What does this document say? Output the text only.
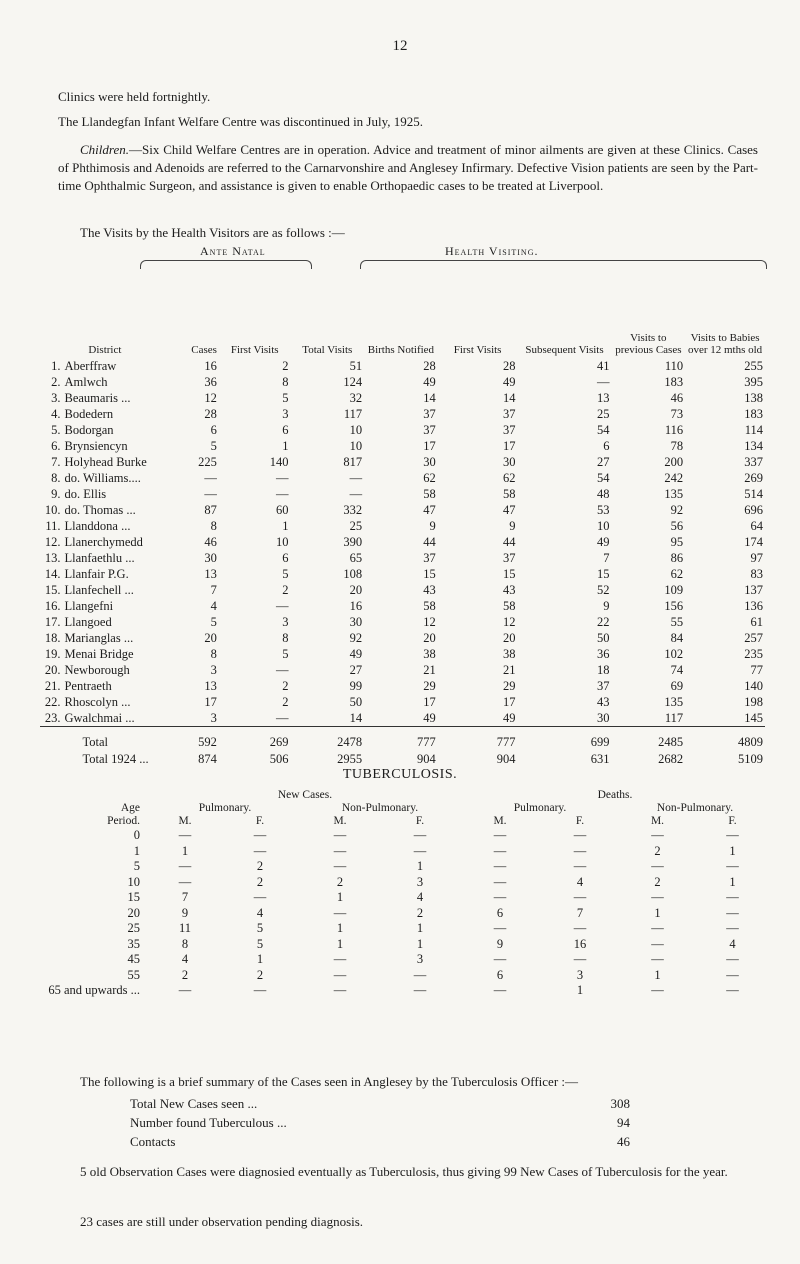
12
Clinics were held fortnightly.
The Llandegfan Infant Welfare Centre was discontinued in July, 1925.
Children.—Six Child Welfare Centres are in operation. Advice and treatment of minor ailments are given at these Clinics. Cases of Phthimosis and Adenoids are referred to the Carnarvonshire and Anglesey Infirmary. Defective Vision patients are seen by the Part-time Ophthalmic Surgeon, and assistance is given to enable Orthopaedic cases to be treated at Liverpool.
The Visits by the Health Visitors are as follows :—
Ante Natal	Health Visiting.
District		Cases	First Visits	Total Visits	Births Notified	First Visits	Subsequent Visits	Visits to previous Cases	Visits to Babies over 12 mths old
1.	Aberffraw	16	2	51	28	28	41	110	255
2.	Amlwch	36	8	124	49	49	—	183	395
3.	Beaumaris ...	12	5	32	14	14	13	46	138
4.	Bodedern	28	3	117	37	37	25	73	183
5.	Bodorgan	6	6	10	37	37	54	116	114
6.	Brynsiencyn	5	1	10	17	17	6	78	134
7.	Holyhead Burke	225	140	817	30	30	27	200	337
8.	do. Williams....	—	—	—	62	62	54	242	269
9.	do. Ellis	—	—	—	58	58	48	135	514
10.	do. Thomas ...	87	60	332	47	47	53	92	696
11.	Llanddona ...	8	1	25	9	9	10	56	64
12.	Llanerchymedd	46	10	390	44	44	49	95	174
13.	Llanfaethlu ...	30	6	65	37	37	7	86	97
14.	Llanfair P.G.	13	5	108	15	15	15	62	83
15.	Llanfechell ...	7	2	20	43	43	52	109	137
16.	Llangefni	4	—	16	58	58	9	156	136
17.	Llangoed	5	3	30	12	12	22	55	61
18.	Marianglas ...	20	8	92	20	20	50	84	257
19.	Menai Bridge	8	5	49	38	38	36	102	235
20.	Newborough	3	—	27	21	21	18	74	77
21.	Pentraeth	13	2	99	29	29	37	69	140
22.	Rhoscolyn ...	17	2	50	17	17	43	135	198
23.	Gwalchmai ...	3	—	14	49	49	30	117	145
	Total	592	269	2478	777	777	699	2485	4809
	Total 1924 ...	874	506	2955	904	904	631	2682	5109
TUBERCULOSIS.
	New Cases.				Deaths.			
Age	Pulmonary.		Non-Pulmonary.		Pulmonary.		Non-Pulmonary.	
Period.	M.	F.	M.	F.	M.	F.	M.	F.
0	—	—	—	—	—	—	—	—
1	1	—	—	—	—	—	2	1
5	—	2	—	1	—	—	—	—
10	—	2	2	3	—	4	2	1
15	7	—	1	4	—	—	—	—
20	9	4	—	2	6	7	1	—
25	11	5	1	1	—	—	—	—
35	8	5	1	1	9	16	—	4
45	4	1	—	3	—	—	—	—
55	2	2	—	—	6	3	1	—
65 and upwards ...	—	—	—	—	—	1	—	—
The following is a brief summary of the Cases seen in Anglesey by the Tuberculosis Officer :—
Total New Cases seen ...	308
Number found Tuberculous ...	94
Contacts	46
5 old Observation Cases were diagnosied eventually as Tuberculosis, thus giving 99 New Cases of Tuberculosis for the year.
23 cases are still under observation pending diagnosis.
